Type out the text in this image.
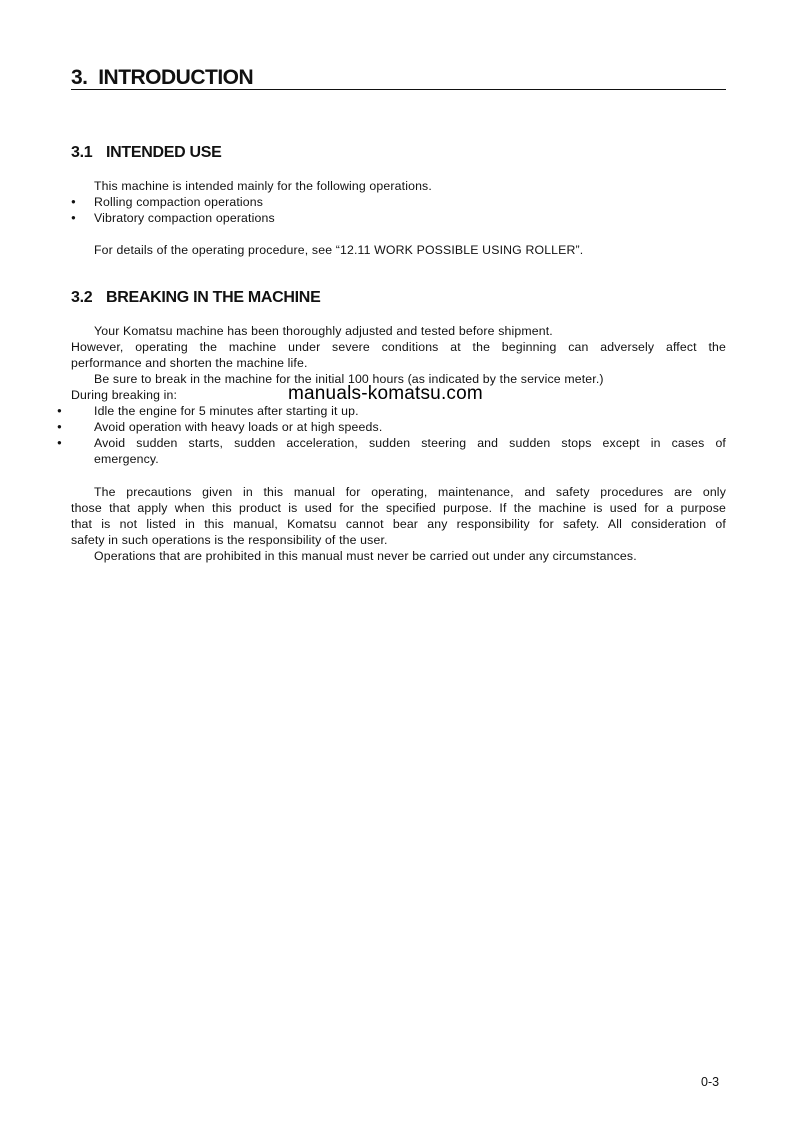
3. INTRODUCTION
3.1 INTENDED USE
This machine is intended mainly for the following operations.
● Rolling compaction operations
● Vibratory compaction operations
For details of the operating procedure, see “12.11 WORK POSSIBLE USING ROLLER”.
3.2 BREAKING IN THE MACHINE
Your Komatsu machine has been thoroughly adjusted and tested before shipment.
However, operating the machine under severe conditions at the beginning can adversely affect the
performance and shorten the machine life.
Be sure to break in the machine for the initial 100 hours (as indicated by the service meter.)
During breaking in:
●	Idle the engine for 5 minutes after starting it up.
●	Avoid operation with heavy loads or at high speeds.
●	Avoid sudden starts, sudden acceleration, sudden steering and sudden stops except in cases of
emergency.
The precautions given in this manual for operating, maintenance, and safety procedures are only
those that apply when this product is used for the specified purpose. If the machine is used for a purpose
that is not listed in this manual, Komatsu cannot bear any responsibility for safety. All consideration of
safety in such operations is the responsibility of the user.
Operations that are prohibited in this manual must never be carried out under any circumstances.
manuals-komatsu.com
0-3
